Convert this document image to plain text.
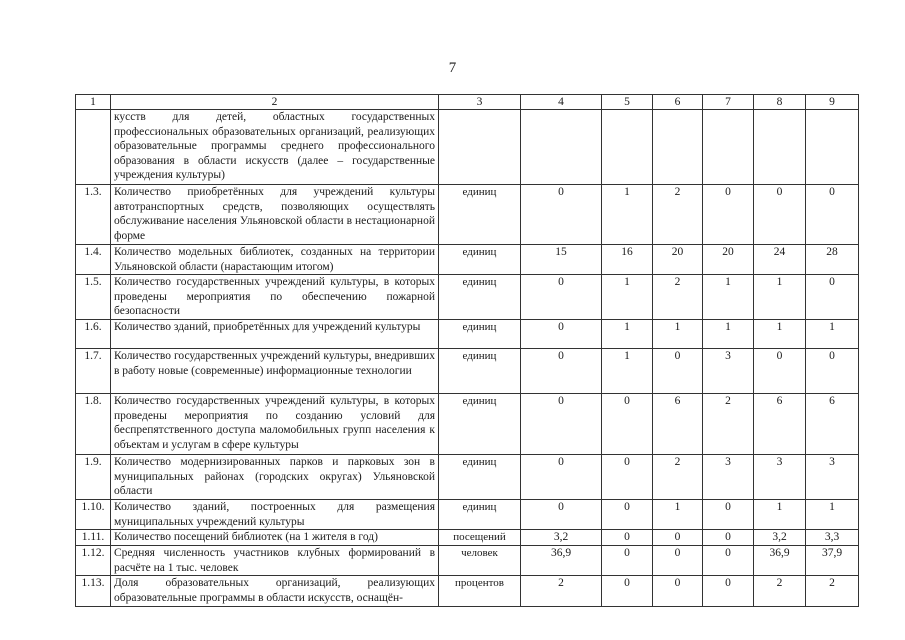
7
1	2	3	4	5	6	7	8	9
	кусств для детей, областных государственных профессиональных образовательных организаций, реализующих образовательные программы среднего профессионального образования в области искусств (далее – государственные учреждения культуры)							
1.3.	Количество приобретённых для учреждений культуры автотранспортных средств, позволяющих осуществлять обслуживание населения Ульяновской области в нестационарной форме	единиц	0	1	2	0	0	0
1.4.	Количество модельных библиотек, созданных на территории Ульяновской области (нарастающим итогом)	единиц	15	16	20	20	24	28
1.5.	Количество государственных учреждений культуры, в которых проведены мероприятия по обеспечению пожарной безопасности	единиц	0	1	2	1	1	0
1.6.	Количество зданий, приобретённых для учреждений культуры	единиц	0	1	1	1	1	1
1.7.	Количество государственных учреждений культуры, внедривших в работу новые (современные) информационные технологии	единиц	0	1	0	3	0	0
1.8.	Количество государственных учреждений культуры, в которых проведены мероприятия по созданию условий для беспрепятственного доступа маломобильных групп населения к объектам и услугам в сфере культуры	единиц	0	0	6	2	6	6
1.9.	Количество модернизированных парков и парковых зон в муниципальных районах (городских округах) Ульяновской области	единиц	0	0	2	3	3	3
1.10.	Количество зданий, построенных для размещения муниципальных учреждений культуры	единиц	0	0	1	0	1	1
1.11.	Количество посещений библиотек (на 1 жителя в год)	посещений	3,2	0	0	0	3,2	3,3
1.12.	Средняя численность участников клубных формирований в расчёте на 1 тыс. человек	человек	36,9	0	0	0	36,9	37,9
1.13.	Доля образовательных организаций, реализующих образовательные программы в области искусств, оснащён-	процентов	2	0	0	0	2	2
